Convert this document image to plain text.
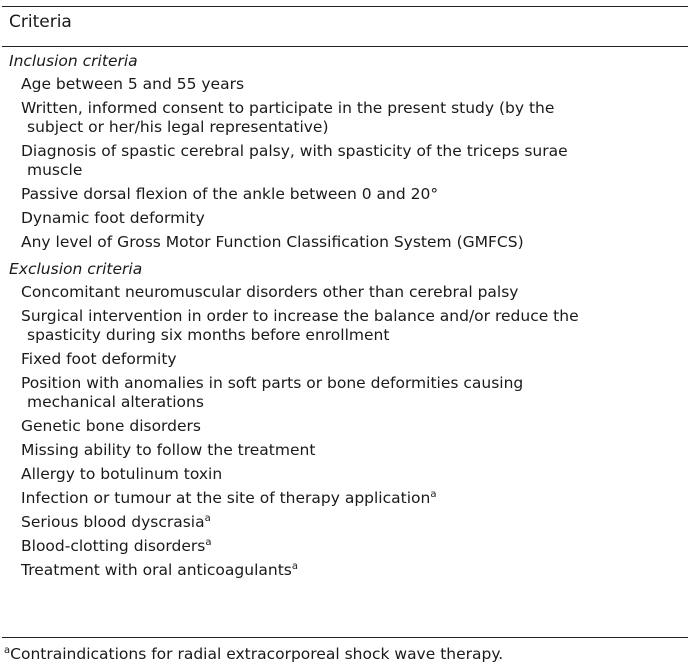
Criteria
Inclusion criteria
Age between 5 and 55 years
Written, informed consent to participate in the present study (by the
subject or her/his legal representative)
Diagnosis of spastic cerebral palsy, with spasticity of the triceps surae
muscle
Passive dorsal flexion of the ankle between 0 and 20°
Dynamic foot deformity
Any level of Gross Motor Function Classification System (GMFCS)
Exclusion criteria
Concomitant neuromuscular disorders other than cerebral palsy
Surgical intervention in order to increase the balance and/or reduce the
spasticity during six months before enrollment
Fixed foot deformity
Position with anomalies in soft parts or bone deformities causing
mechanical alterations
Genetic bone disorders
Missing ability to follow the treatment
Allergy to botulinum toxin
Infection or tumour at the site of therapy application$^a$
Serious blood dyscrasia$^a$
Blood-clotting disorders$^a$
Treatment with oral anticoagulants$^a$
$^a$Contraindications for radial extracorporeal shock wave therapy.
